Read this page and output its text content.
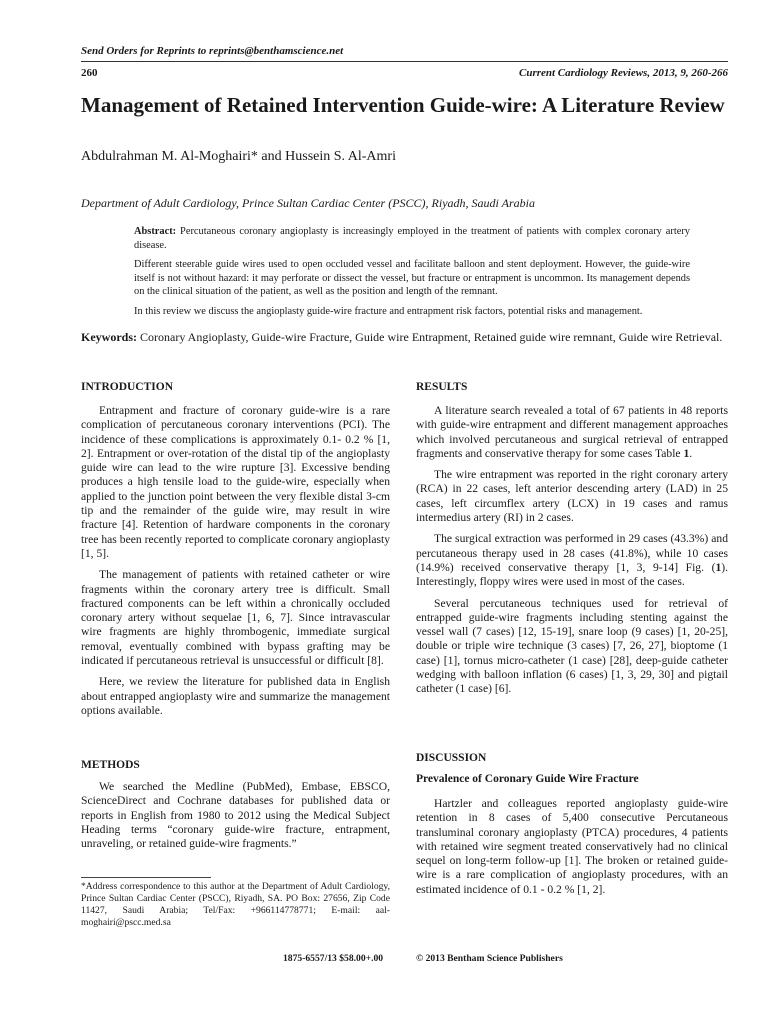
Send Orders for Reprints to reprints@benthamscience.net
260	Current Cardiology Reviews, 2013, 9, 260-266
Management of Retained Intervention Guide-wire: A Literature Review
Abdulrahman M. Al-Moghairi* and Hussein S. Al-Amri
Department of Adult Cardiology, Prince Sultan Cardiac Center (PSCC), Riyadh, Saudi Arabia

Abstract: Percutaneous coronary angioplasty is increasingly employed in the treatment of patients with complex coronary artery disease.

Different steerable guide wires used to open occluded vessel and facilitate balloon and stent deployment. However, the guide-wire itself is not without hazard: it may perforate or dissect the vessel, but fracture or entrapment is uncommon. Its management depends on the clinical situation of the patient, as well as the position and length of the remnant.

In this review we discuss the angioplasty guide-wire fracture and entrapment risk factors, potential risks and management.

Keywords: Coronary Angioplasty, Guide-wire Fracture, Guide wire Entrapment, Retained guide wire remnant, Guide wire Retrieval.
INTRODUCTION

Entrapment and fracture of coronary guide-wire is a rare complication of percutaneous coronary interventions (PCI). The incidence of these complications is approximately 0.1- 0.2 % [1, 2]. Entrapment or over-rotation of the distal tip of the angioplasty guide wire can lead to the wire rupture [3]. Excessive bending produces a high tensile load to the guide-wire, especially when applied to the junction point between the very flexible distal 3-cm tip and the remainder of the guide wire, may result in wire fracture [4]. Retention of hardware components in the coronary tree has been recently reported to complicate coronary angioplasty [1, 5].

The management of patients with retained catheter or wire fragments within the coronary artery tree is difficult. Small fractured components can be left within a chronically occluded coronary artery without sequelae [1, 6, 7]. Since intravascular wire fragments are highly thrombogenic, immediate surgical removal, eventually combined with bypass grafting may be indicated if percutaneous retrieval is unsuccessful or difficult [8].

Here, we review the literature for published data in English about entrapped angioplasty wire and summarize the management options available.

METHODS

We searched the Medline (PubMed), Embase, EBSCO, ScienceDirect and Cochrane databases for published data or reports in English from 1980 to 2012 using the Medical Subject Heading terms “coronary guide-wire fracture, entrapment, unraveling, or retained guide-wire fragments.”

*Address correspondence to this author at the Department of Adult Cardiology, Prince Sultan Cardiac Center (PSCC), Riyadh, SA. PO Box: 27656, Zip Code 11427, Saudi Arabia; Tel/Fax: +966114778771; E-mail: aal-moghairi@pscc.med.sa
RESULTS

A literature search revealed a total of 67 patients in 48 reports with guide-wire entrapment and different management approaches which involved percutaneous and surgical retrieval of entrapped fragments and conservative therapy for some cases Table 1.

The wire entrapment was reported in the right coronary artery (RCA) in 22 cases, left anterior descending artery (LAD) in 25 cases, left circumflex artery (LCX) in 19 cases and ramus intermedius artery (RI) in 2 cases.

The surgical extraction was performed in 29 cases (43.3%) and percutaneous therapy used in 28 cases (41.8%), while 10 cases (14.9%) received conservative therapy [1, 3, 9-14] Fig. (1). Interestingly, floppy wires were used in most of the cases.

Several percutaneous techniques used for retrieval of entrapped guide-wire fragments including stenting against the vessel wall (7 cases) [12, 15-19], snare loop (9 cases) [1, 20-25], double or triple wire technique (3 cases) [7, 26, 27], bioptome (1 case) [1], tornus micro-catheter (1 case) [28], deep-guide catheter wedging with balloon inflation (6 cases) [1, 3, 29, 30] and pigtail catheter (1 case) [6].

DISCUSSION
Prevalence of Coronary Guide Wire Fracture

Hartzler and colleagues reported angioplasty guide-wire retention in 8 cases of 5,400 consecutive Percutaneous transluminal coronary angioplasty (PTCA) procedures, 4 patients with retained wire segment treated conservatively had no clinical sequel on long-term follow-up [1]. The broken or retained guide-wire is a rare complication of angioplasty procedures, with an estimated incidence of 0.1 - 0.2 % [1, 2].

1875-6557/13 $58.00+.00	© 2013 Bentham Science Publishers
